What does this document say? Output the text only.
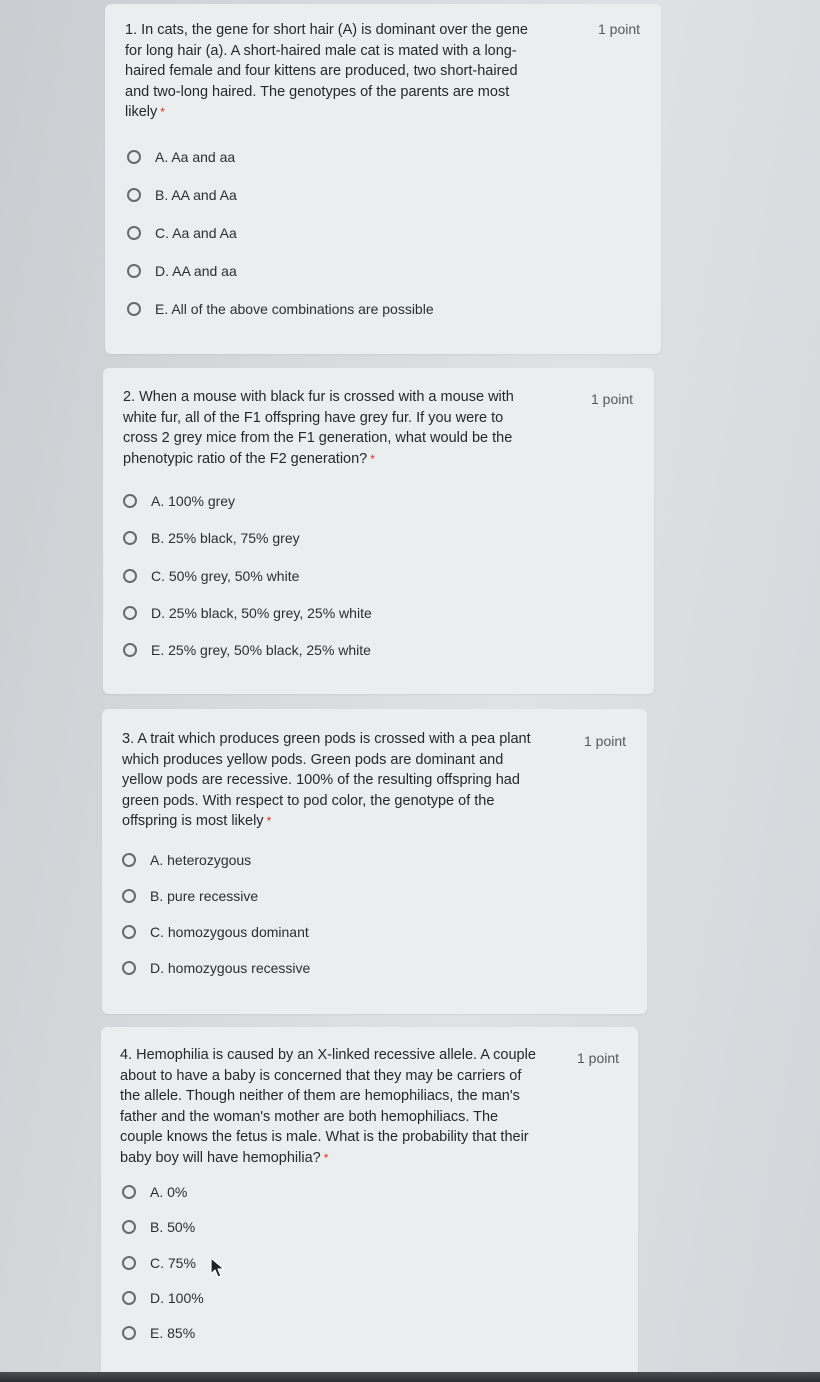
1. In cats, the gene for short hair (A) is dominant over the gene
for long hair (a). A short-haired male cat is mated with a long-
haired female and four kittens are produced, two short-haired
and two-long haired. The genotypes of the parents are most
likely *
1 point
A. Aa and aa
B. AA and Aa
C. Aa and Aa
D. AA and aa
E. All of the above combinations are possible
2. When a mouse with black fur is crossed with a mouse with
white fur, all of the F1 offspring have grey fur. If you were to
cross 2 grey mice from the F1 generation, what would be the
phenotypic ratio of the F2 generation? *
1 point
A. 100% grey
B. 25% black, 75% grey
C. 50% grey, 50% white
D. 25% black, 50% grey, 25% white
E. 25% grey, 50% black, 25% white
3. A trait which produces green pods is crossed with a pea plant
which produces yellow pods. Green pods are dominant and
yellow pods are recessive. 100% of the resulting offspring had
green pods. With respect to pod color, the genotype of the
offspring is most likely *
1 point
A. heterozygous
B. pure recessive
C. homozygous dominant
D. homozygous recessive
4. Hemophilia is caused by an X-linked recessive allele. A couple
about to have a baby is concerned that they may be carriers of
the allele. Though neither of them are hemophiliacs, the man's
father and the woman's mother are both hemophiliacs. The
couple knows the fetus is male. What is the probability that their
baby boy will have hemophilia? *
1 point
A. 0%
B. 50%
C. 75%
D. 100%
E. 85%
